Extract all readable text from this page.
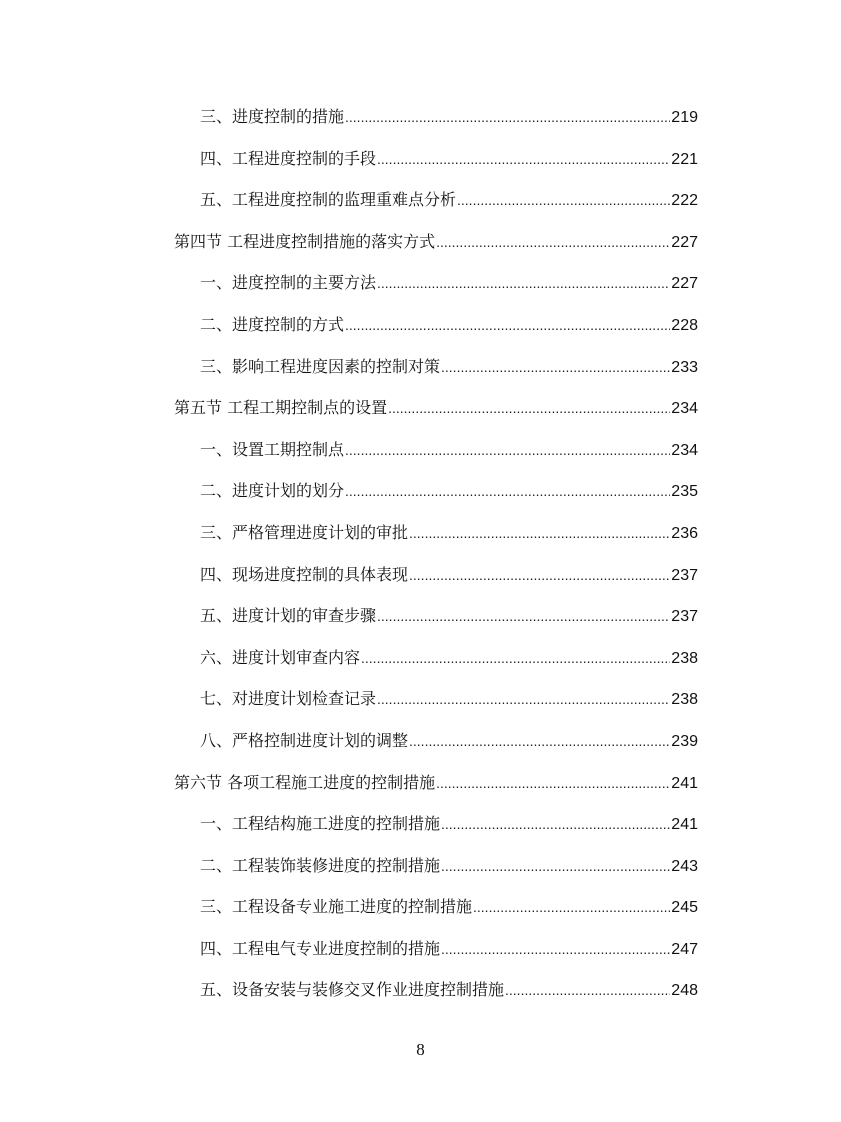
三、进度控制的措施 .....	219
四、工程进度控制的手段 .....	221
五、工程进度控制的监理重难点分析 .....	222
第四节 工程进度控制措施的落实方式 .....	227
一、进度控制的主要方法 .....	227
二、进度控制的方式 .....	228
三、影响工程进度因素的控制对策 .....	233
第五节 工程工期控制点的设置 .....	234
一、设置工期控制点 .....	234
二、进度计划的划分 .....	235
三、严格管理进度计划的审批 .....	236
四、现场进度控制的具体表现 .....	237
五、进度计划的审查步骤 .....	237
六、进度计划审查内容 .....	238
七、对进度计划检查记录 .....	238
八、严格控制进度计划的调整 .....	239
第六节 各项工程施工进度的控制措施 .....	241
一、工程结构施工进度的控制措施 .....	241
二、工程装饰装修进度的控制措施 .....	243
三、工程设备专业施工进度的控制措施 .....	245
四、工程电气专业进度控制的措施 .....	247
五、设备安装与装修交叉作业进度控制措施 .....	248
8
